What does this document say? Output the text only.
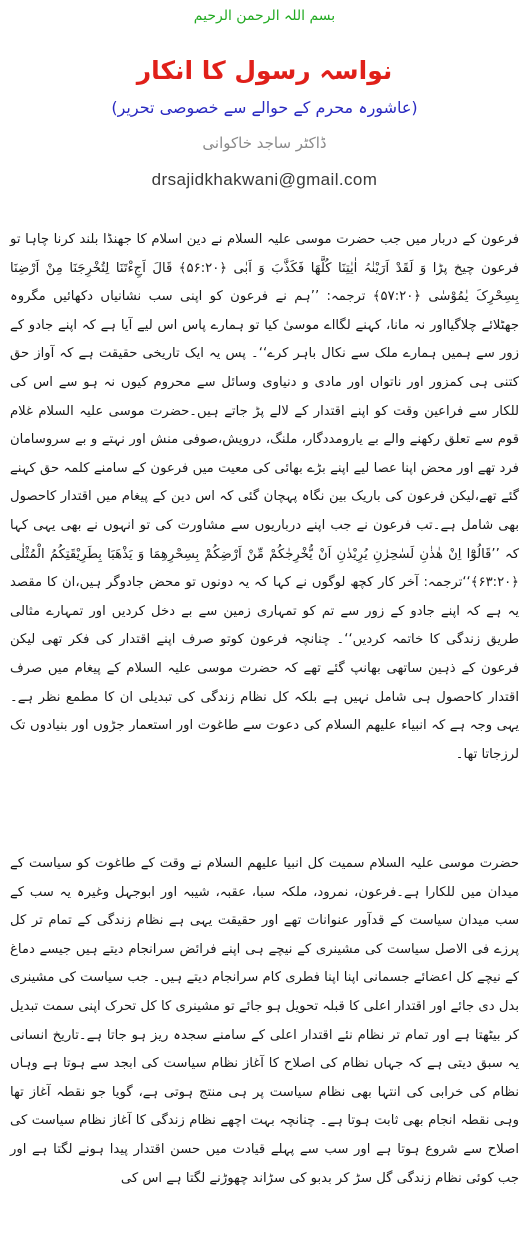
بسم اللہ الرحمن الرحیم
نواسہ رسول کا انکار
(عاشورہ محرم کے حوالے سے خصوصی تحریر)
ڈاکٹر ساجد خاکوانی
drsajidkhakwani@gmail.com
فرعون کے دربار میں جب حضرت موسی علیہ السلام نے دین اسلام کا جھنڈا بلند کرنا چاہا تو فرعون چیخ پڑا وَ لَقَدْ اَرَیْنٰہُ اٰیٰتِنَا کُلَّھَا فَکَذَّبَ وَ اَبٰی ﴿۵۶:۲۰﴾ قَالَ اَجِءْتَنَا لِتُخْرِجَنَا مِنْ اَرْضِنَا بِسِحْرِکَ یٰمُوْسٰی ﴿۵۷:۲۰﴾ ترجمہ: ’’ہم نے فرعون کو اپنی سب نشانیاں دکھائیں مگروہ جھٹلائے چلاگیااور نہ مانا، کہنے لگااے موسیٰ کیا تو ہمارے پاس اس لیے آیا ہے کہ اپنے جادو کے زور سے ہمیں ہمارے ملک سے نکال باہر کرے‘‘۔ پس یہ ایک تاریخی حقیقت ہے کہ آواز حق کتنی ہی کمزور اور ناتواں اور مادی و دنیاوی وسائل سے محروم کیوں نہ ہو سے اس کی للکار سے فراعین وقت کو اپنے اقتدار کے لالے پڑ جاتے ہیں۔حضرت موسی علیہ السلام غلام قوم سے تعلق رکھنے والے بے یارومددگار، ملنگ، درویش،صوفی منش اور نہتے و بے سروسامان فرد تھے اور محض اپنا عصا لیے اپنے بڑے بھائی کی معیت میں فرعون کے سامنے کلمہ حق کہنے گئے تھے،لیکن فرعون کی باریک بین نگاہ پہچان گئی کہ اس دین کے پیغام میں اقتدار کاحصول بھی شامل ہے۔تب فرعون نے جب اپنے درباریوں سے مشاورت کی تو انہوں نے بھی یہی کہا کہ ’’قَالُوْٓا اِنْ ھٰذٰنِ لَسٰحِرٰنِ یُرِیْدٰنِ اَنْ یُّخْرِجٰکُمْ مِّنْ اَرْضِکُمْ بِسِحْرِھِمَا وَ یَذْھَبَا بِطَرِیْقَتِکُمُ الْمُثْلٰی ﴿۶۳:۲۰﴾‘‘ترجمہ: آخر کار کچھ لوگوں نے کہا کہ یہ دونوں تو محض جادوگر ہیں،ان کا مقصد یہ ہے کہ اپنے جادو کے زور سے تم کو تمہاری زمین سے بے دخل کردیں اور تمہارے مثالی طریق زندگی کا خاتمہ کردیں‘‘۔ چنانچہ فرعون کوتو صرف اپنے اقتدار کی فکر تھی لیکن فرعون کے ذہین ساتھی بھانپ گئے تھے کہ حضرت موسی علیہ السلام کے پیغام میں صرف اقتدار کاحصول ہی شامل نہیں ہے بلکہ کل نظام زندگی کی تبدیلی ان کا مطمع نظر ہے۔یہی وجہ ہے کہ انبیاء علیھم السلام کی دعوت سے طاغوت اور استعمار جڑوں اور بنیادوں تک لرزجاتا تھا۔
حضرت موسی علیہ السلام سمیت کل انبیا علیھم السلام نے وقت کے طاغوت کو سیاست کے میدان میں للکارا ہے۔فرعون، نمرود، ملکہ سبا، عقبہ، شیبہ اور ابوجہل وغیرہ یہ سب کے سب میدان سیاست کے قدآور عنوانات تھے اور حقیقت یہی ہے نظام زندگی کے تمام تر کل پرزے فی الاصل سیاست کی مشینری کے نیچے ہی اپنے فرائض سرانجام دیتے ہیں جیسے دماغ کے نیچے کل اعضائے جسمانی اپنا اپنا فطری کام سرانجام دیتے ہیں۔ جب سیاست کی مشینری بدل دی جائے اور اقتدار اعلی کا قبلہ تحویل ہو جائے تو مشینری کا کل تحرک اپنی سمت تبدیل کر بیٹھتا ہے اور تمام تر نظام نئے اقتدار اعلی کے سامنے سجدہ ریز ہو جاتا ہے۔تاریخ انسانی یہ سبق دیتی ہے کہ جہاں نظام کی اصلاح کا آغاز نظام سیاست کی ابجد سے ہوتا ہے وہاں نظام کی خرابی کی انتہا بھی نظام سیاست پر ہی منتج ہوتی ہے، گویا جو نقطہ آغاز تھا وہی نقطہ انجام بھی ثابت ہوتا ہے۔ چنانچہ بہت اچھے نظام زندگی کا آغاز نظام سیاست کی اصلاح سے شروع ہوتا ہے اور سب سے پہلے قیادت میں حسن اقتدار پیدا ہونے لگتا ہے اور جب کوئی نظام زندگی گل سڑ کر بدبو کی سڑاند چھوڑنے لگتا ہے اس کی
